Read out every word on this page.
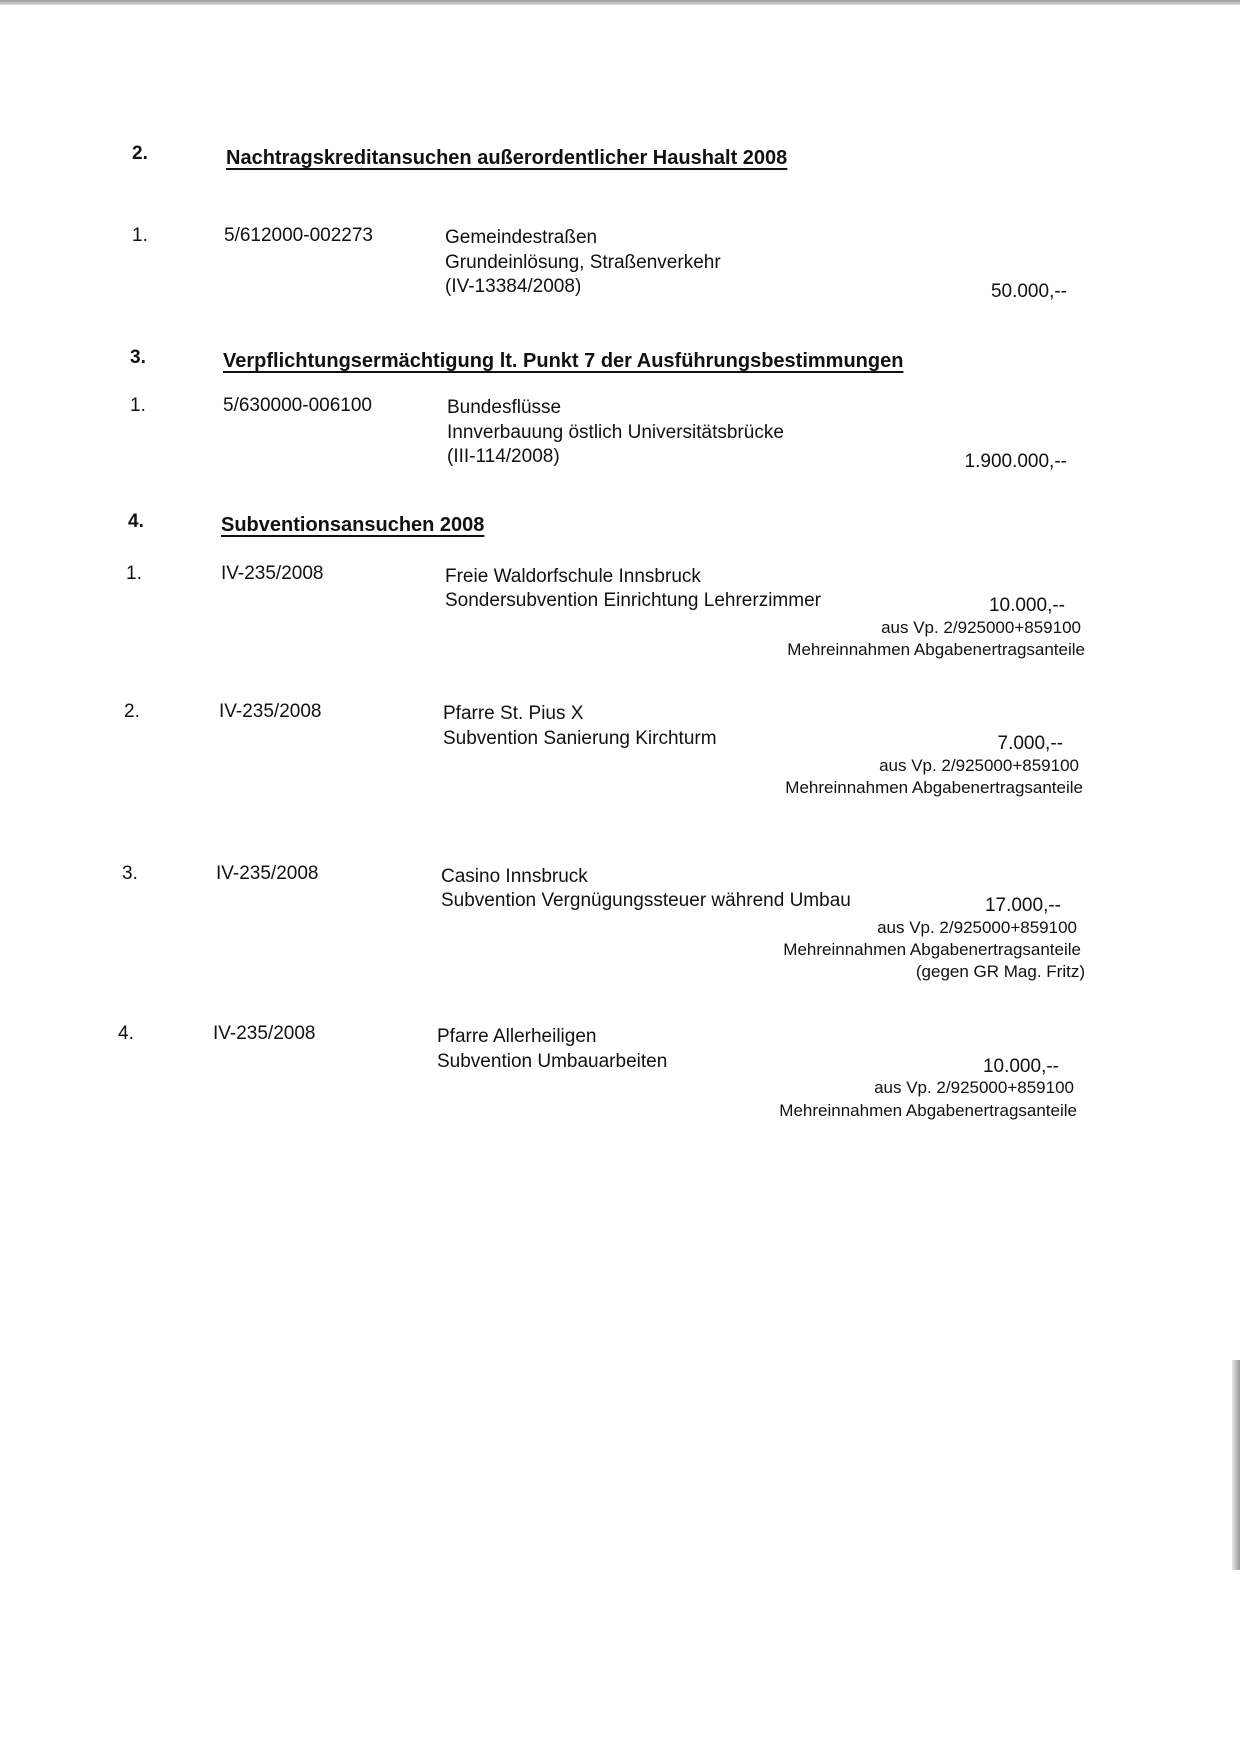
2.	Nachtragskreditansuchen außerordentlicher Haushalt 2008
1.	5/612000-002273	Gemeindestraßen
Grundeinlösung, Straßenverkehr
(IV-13384/2008)	50.000,--
3.	Verpflichtungsermächtigung lt. Punkt 7 der Ausführungsbestimmungen
1.	5/630000-006100	Bundesflüsse
Innverbauung östlich Universitätsbrücke
(III-114/2008)	1.900.000,--
4.	Subventionsansuchen 2008
1.	IV-235/2008	Freie Waldorfschule Innsbruck
Sondersubvention Einrichtung Lehrerzimmer	10.000,--
aus Vp. 2/925000+859100
Mehreinnahmen Abgabenertragsanteile
2.	IV-235/2008	Pfarre St. Pius X
Subvention Sanierung Kirchturm	7.000,--
aus Vp. 2/925000+859100
Mehreinnahmen Abgabenertragsanteile
3.	IV-235/2008	Casino Innsbruck
Subvention Vergnügungssteuer während Umbau	17.000,--
aus Vp. 2/925000+859100
Mehreinnahmen Abgabenertragsanteile
(gegen GR Mag. Fritz)
4.	IV-235/2008	Pfarre Allerheiligen
Subvention Umbauarbeiten	10.000,--
aus Vp. 2/925000+859100
Mehreinnahmen Abgabenertragsanteile
